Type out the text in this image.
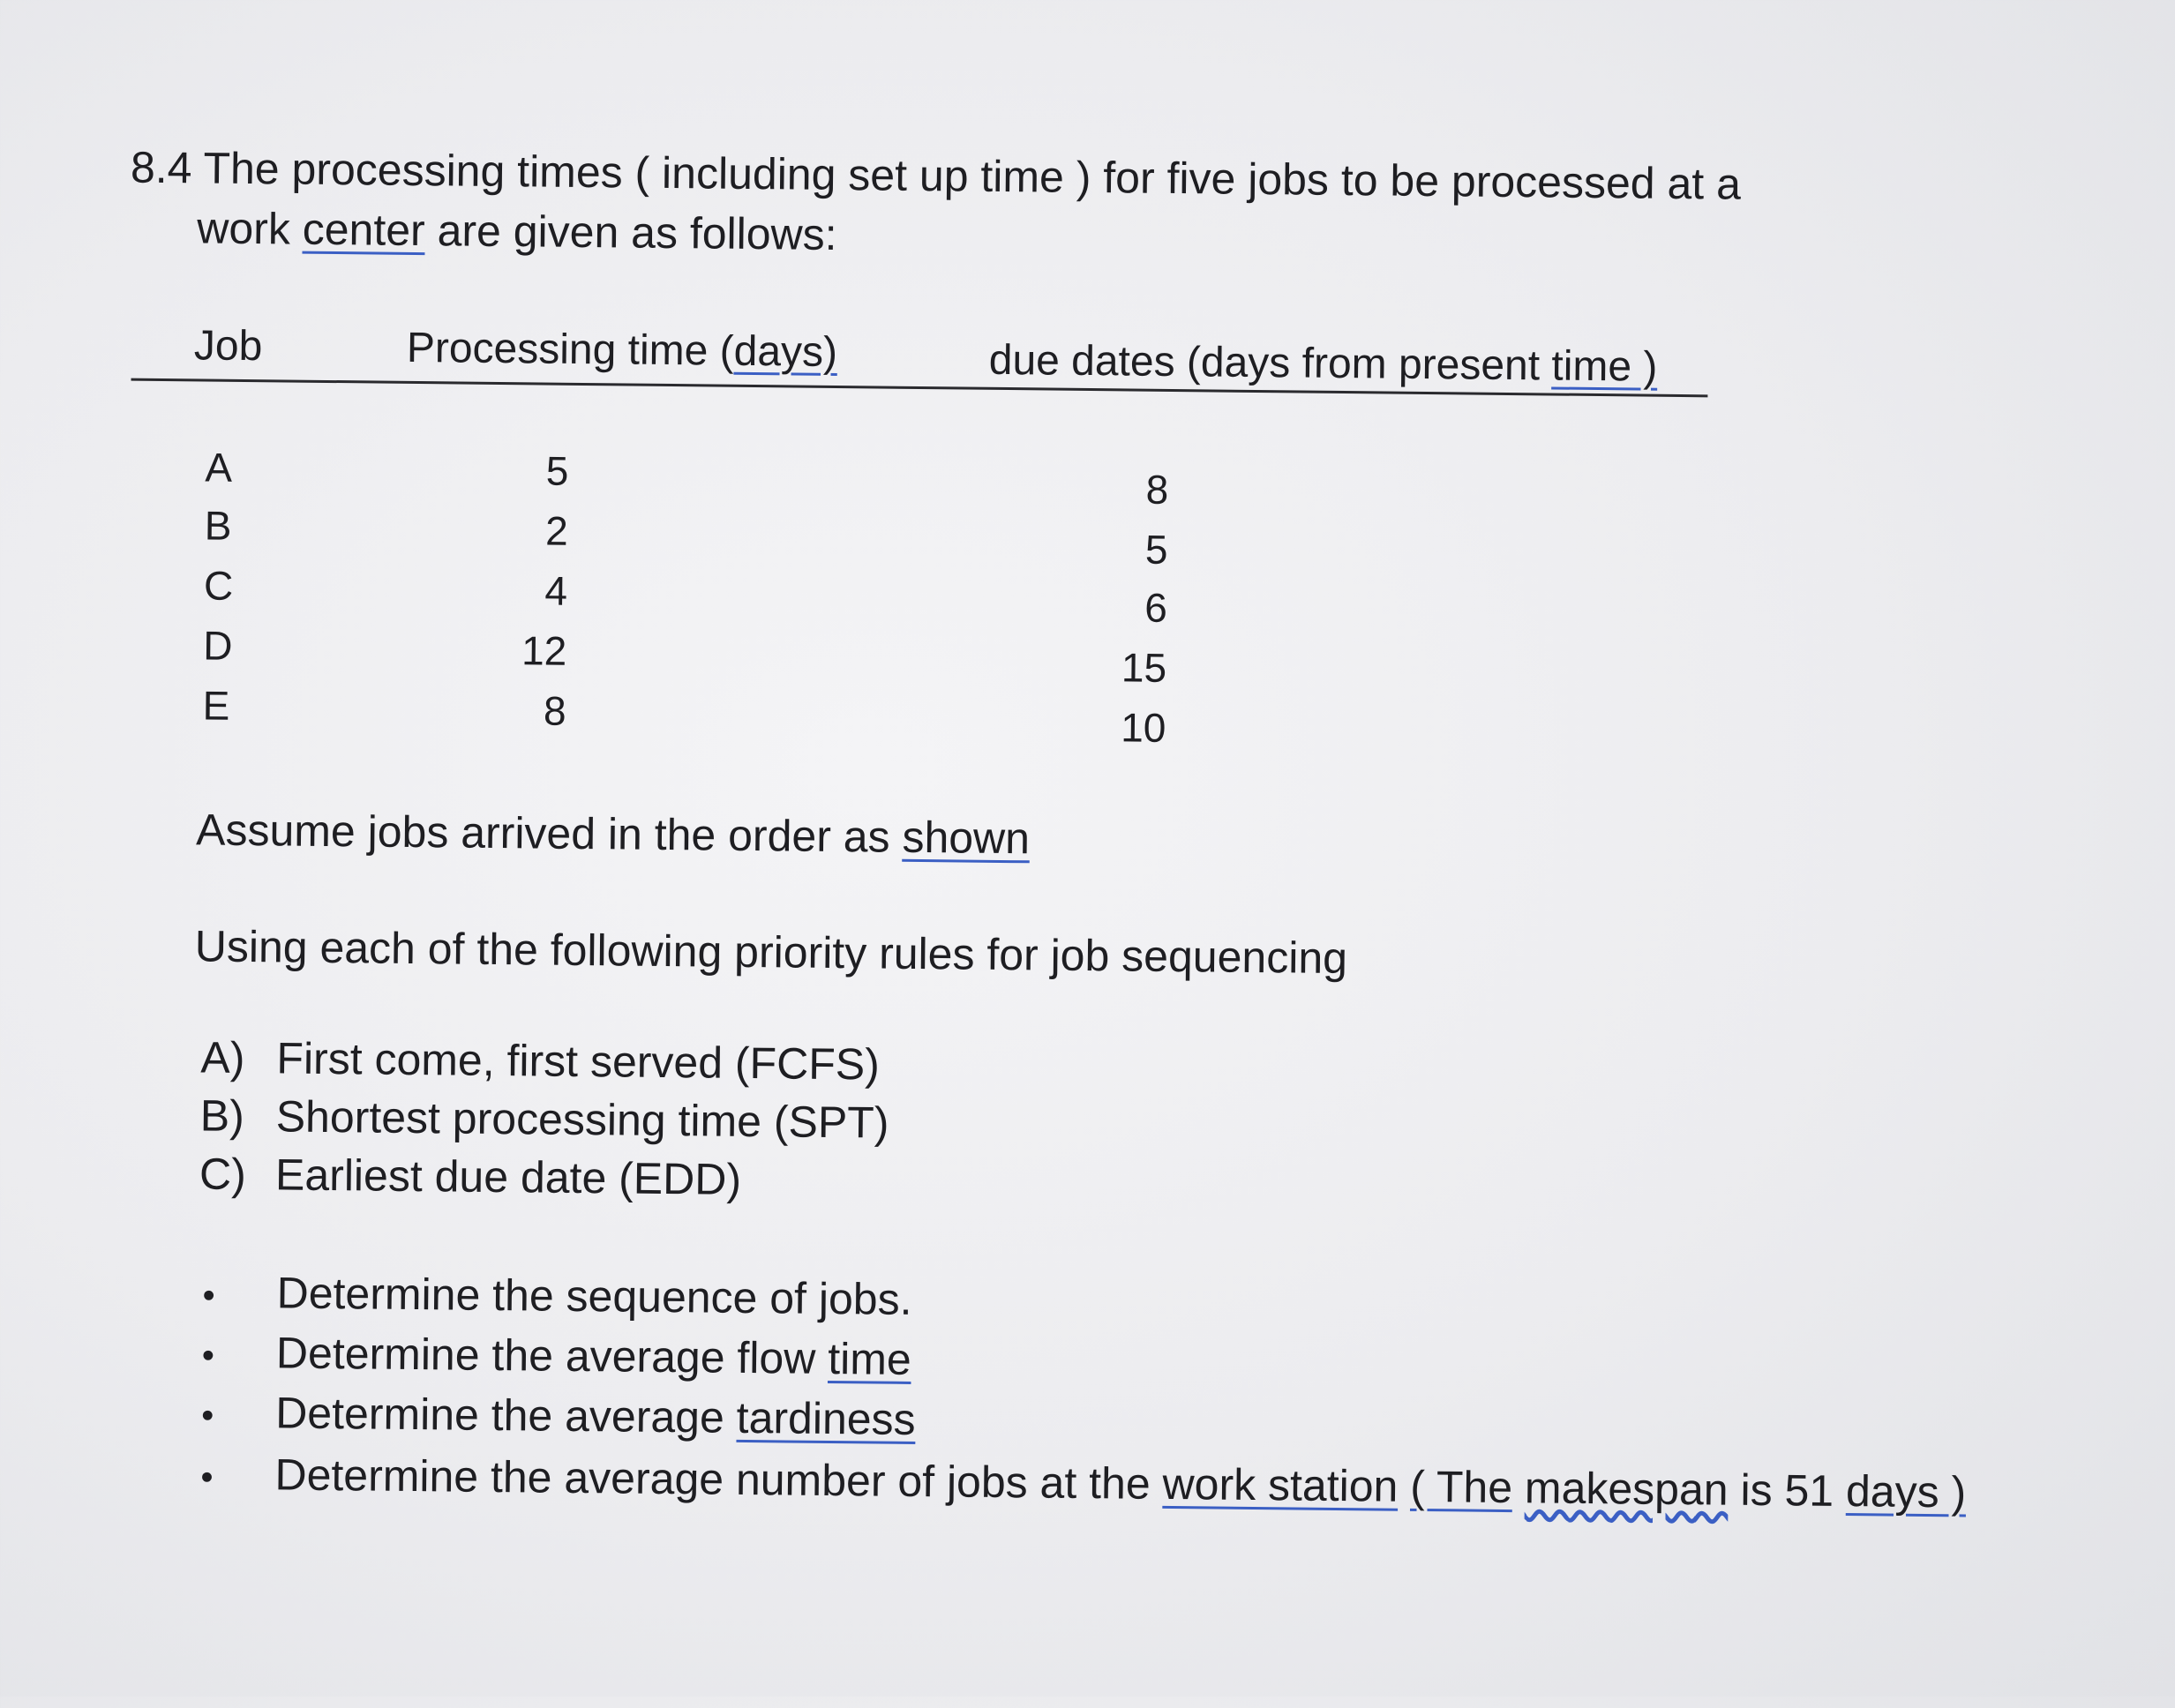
8.4 The processing times ( including set up time ) for five jobs to be processed at a

work center are given as follows:

Job	Processing time (days)	due dates (days from present time )
A	5	8
B	2	5
C	4	6
D	12	15
E	8	10

Assume jobs arrived in the order as shown

Using each of the following priority rules for job sequencing

A) First come, first served (FCFS)
B) Shortest processing time (SPT)
C) Earliest due date (EDD)
• Determine the sequence of jobs.
• Determine the average flow time
• Determine the average tardiness
• Determine the average number of jobs at the work station ( The makespan is 51 days )
